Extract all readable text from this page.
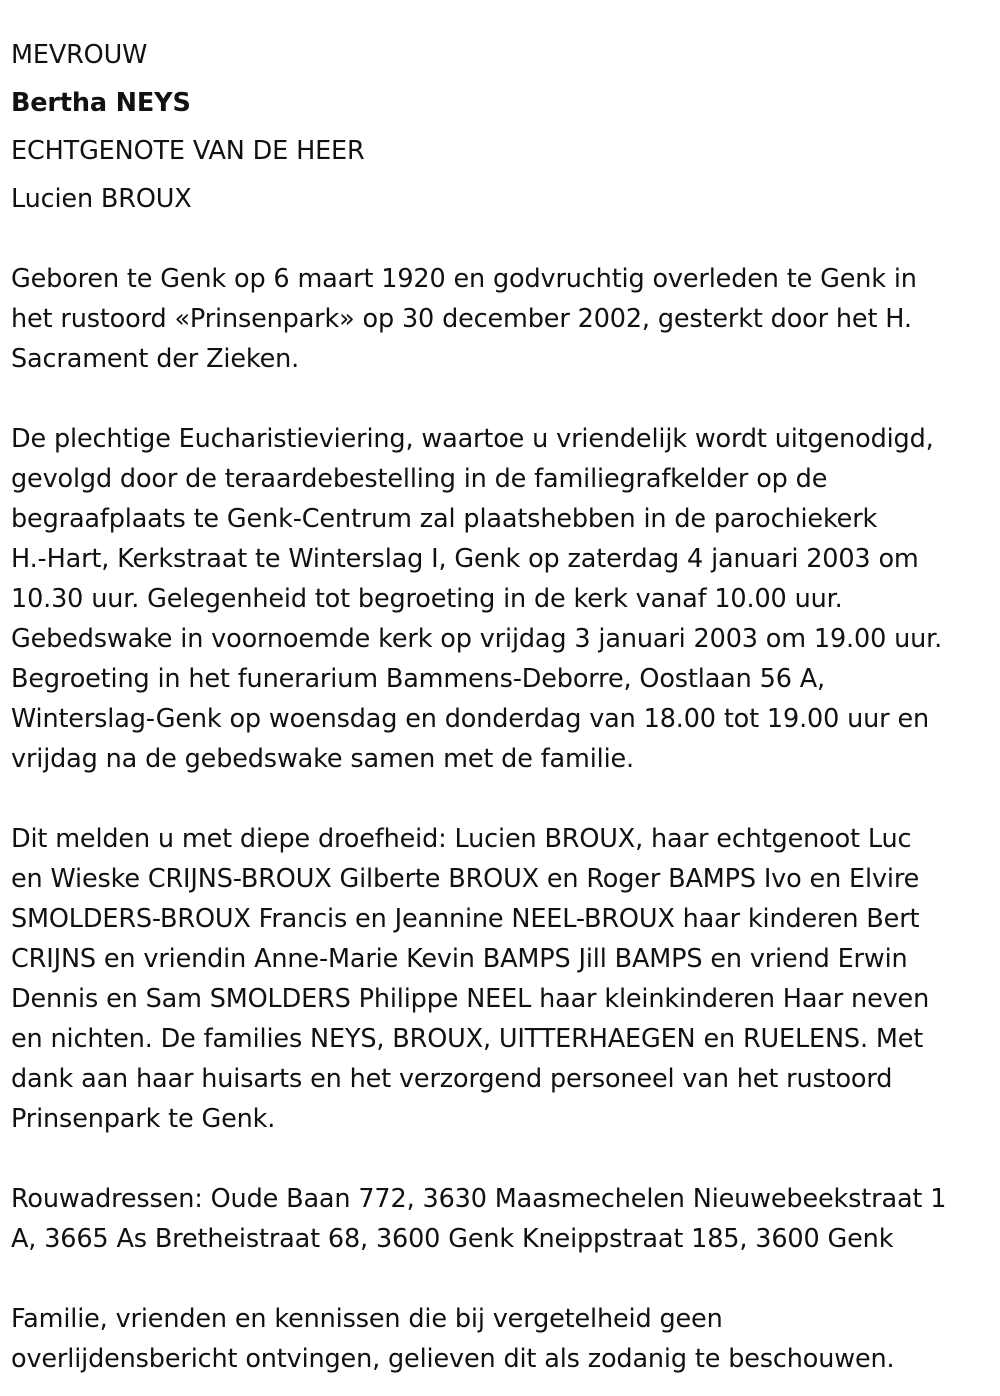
MEVROUW
Bertha NEYS
ECHTGENOTE VAN DE HEER
Lucien BROUX
Geboren te Genk op 6 maart 1920 en godvruchtig overleden te Genk in
het rustoord «Prinsenpark» op 30 december 2002, gesterkt door het H.
Sacrament der Zieken.
De plechtige Eucharistieviering, waartoe u vriendelijk wordt uitgenodigd,
gevolgd door de teraardebestelling in de familiegrafkelder op de
begraafplaats te Genk-Centrum zal plaatshebben in de parochiekerk
H.-Hart, Kerkstraat te Winterslag I, Genk op zaterdag 4 januari 2003 om
10.30 uur. Gelegenheid tot begroeting in de kerk vanaf 10.00 uur.
Gebedswake in voornoemde kerk op vrijdag 3 januari 2003 om 19.00 uur.
Begroeting in het funerarium Bammens-Deborre, Oostlaan 56 A,
Winterslag-Genk op woensdag en donderdag van 18.00 tot 19.00 uur en
vrijdag na de gebedswake samen met de familie.
Dit melden u met diepe droefheid: Lucien BROUX, haar echtgenoot Luc
en Wieske CRIJNS-BROUX Gilberte BROUX en Roger BAMPS Ivo en Elvire
SMOLDERS-BROUX Francis en Jeannine NEEL-BROUX haar kinderen Bert
CRIJNS en vriendin Anne-Marie Kevin BAMPS Jill BAMPS en vriend Erwin
Dennis en Sam SMOLDERS Philippe NEEL haar kleinkinderen Haar neven
en nichten. De families NEYS, BROUX, UITTERHAEGEN en RUELENS. Met
dank aan haar huisarts en het verzorgend personeel van het rustoord
Prinsenpark te Genk.
Rouwadressen: Oude Baan 772, 3630 Maasmechelen Nieuwebeekstraat 1
A, 3665 As Bretheistraat 68, 3600 Genk Kneippstraat 185, 3600 Genk
Familie, vrienden en kennissen die bij vergetelheid geen
overlijdensbericht ontvingen, gelieven dit als zodanig te beschouwen.
